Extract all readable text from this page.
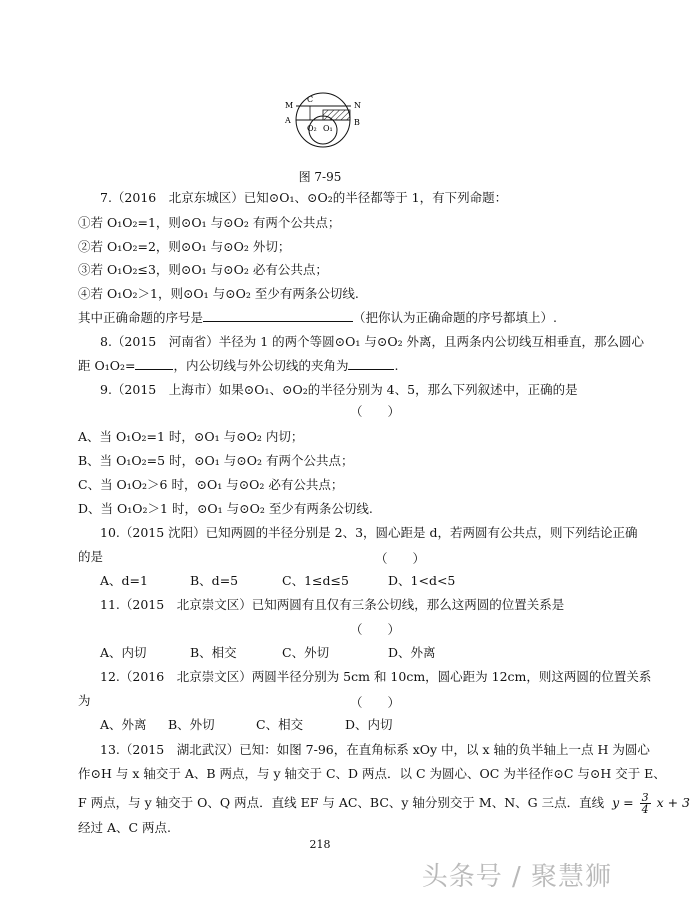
M
C
N
A	B
O₂ O₁
图 7-95
7.（2016　北京东城区）已知⊙O₁、⊙O₂的半径都等于 1，有下列命题：
①若 O₁O₂=1，则⊙O₁ 与⊙O₂ 有两个公共点；
②若 O₁O₂=2，则⊙O₁ 与⊙O₂ 外切；
③若 O₁O₂≤3，则⊙O₁ 与⊙O₂ 必有公共点；
④若 O₁O₂＞1，则⊙O₁ 与⊙O₂ 至少有两条公切线.
其中正确命题的序号是	（把你认为正确命题的序号都填上）.
8.（2015　河南省）半径为 1 的两个等圆⊙O₁ 与⊙O₂ 外离，且两条内公切线互相垂直，那么圆心
距 O₁O₂=	，内公切线与外公切线的夹角为	.
9.（2015　上海市）如果⊙O₁、⊙O₂的半径分别为 4、5，那么下列叙述中，正确的是
（　　）
A、当 O₁O₂=1 时，⊙O₁ 与⊙O₂ 内切；
B、当 O₁O₂=5 时，⊙O₁ 与⊙O₂ 有两个公共点；
C、当 O₁O₂＞6 时，⊙O₁ 与⊙O₂ 必有公共点；
D、当 O₁O₂＞1 时，⊙O₁ 与⊙O₂ 至少有两条公切线.
10.（2015 沈阳）已知两圆的半径分别是 2、3，圆心距是 d，若两圆有公共点，则下列结论正确
的是	（　　）
A、d=1	B、d=5	C、1≤d≤5	D、1<d<5
11.（2015　北京崇文区）已知两圆有且仅有三条公切线，那么这两圆的位置关系是
（　　）
A、内切	B、相交	C、外切	D、外离
12.（2016　北京崇文区）两圆半径分别为 5cm 和 10cm，圆心距为 12cm，则这两圆的位置关系
为	（　　）
A、外离 B、外切	C、相交	D、内切
13.（2015　湖北武汉）已知：如图 7-96，在直角标系 xOy 中，以 x 轴的负半轴上一点 H 为圆心
作⊙H 与 x 轴交于 A、B 两点，与 y 轴交于 C、D 两点．以 C 为圆心、OC 为半径作⊙C 与⊙H 交于 E、
F 两点，与 y 轴交于 O、Q 两点．直线 EF 与 AC、BC、y 轴分别交于 M、N、G 三点．直线 $y = \frac{3}{4}$ x + 3
经过 A、C 两点.
218
头条号 / 聚慧狮
